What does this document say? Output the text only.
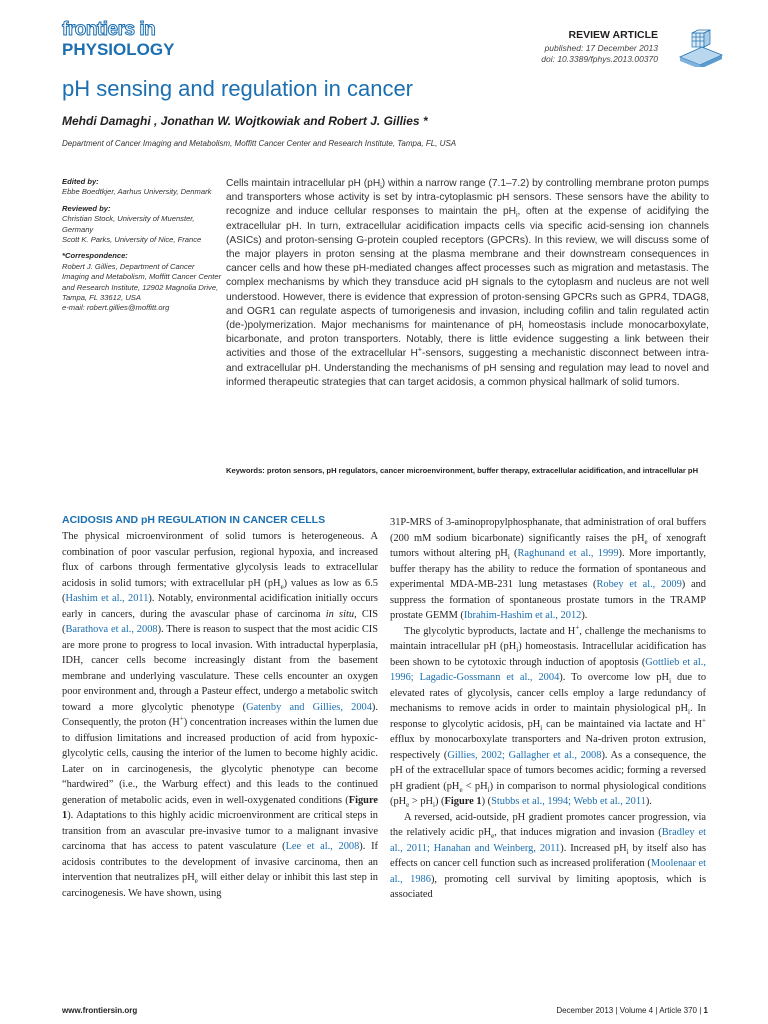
frontiers in
PHYSIOLOGY
REVIEW ARTICLE
published: 17 December 2013
doi: 10.3389/fphys.2013.00370
pH sensing and regulation in cancer
Mehdi Damaghi , Jonathan W. Wojtkowiak and Robert J. Gillies *
Department of Cancer Imaging and Metabolism, Moffitt Cancer Center and Research Institute, Tampa, FL, USA
Edited by:
Ebbe Boedtkjer, Aarhus University, Denmark
Reviewed by:
Christian Stock, University of Muenster, Germany
Scott K. Parks, University of Nice, France
*Correspondence:
Robert J. Gillies, Department of Cancer Imaging and Metabolism, Moffitt Cancer Center and Research Institute, 12902 Magnolia Drive, Tampa, FL 33612, USA
e-mail: robert.gillies@moffitt.org
Cells maintain intracellular pH $(pH_i)$ within a narrow range (7.1–7.2) by controlling membrane proton pumps and transporters whose activity is set by intra-cytoplasmic pH sensors. These sensors have the ability to recognize and induce cellular responses to maintain the $pH_i$, often at the expense of acidifying the extracellular pH. In turn, extracellular acidification impacts cells via specific acid-sensing ion channels (ASICs) and proton-sensing G-protein coupled receptors (GPCRs). In this review, we will discuss some of the major players in proton sensing at the plasma membrane and their downstream consequences in cancer cells and how these pH-mediated changes affect processes such as migration and metastasis. The complex mechanisms by which they transduce acid pH signals to the cytoplasm and nucleus are not well understood. However, there is evidence that expression of proton-sensing GPCRs such as GPR4, TDAG8, and OGR1 can regulate aspects of tumorigenesis and invasion, including cofilin and talin regulated actin (de-)polymerization. Major mechanisms for maintenance of $pH_i$ homeostasis include monocarboxylate, bicarbonate, and proton transporters. Notably, there is little evidence suggesting a link between their activities and those of the extracellular H+-sensors, suggesting a mechanistic disconnect between intra- and extracellular pH. Understanding the mechanisms of pH sensing and regulation may lead to novel and informed therapeutic strategies that can target acidosis, a common physical hallmark of solid tumors.
Keywords: proton sensors, pH regulators, cancer microenvironment, buffer therapy, extracellular acidification, and intracellular pH
ACIDOSIS AND pH REGULATION IN CANCER CELLS

The physical microenvironment of solid tumors is heterogeneous. A combination of poor vascular perfusion, regional hypoxia, and increased flux of carbons through fermentative glycolysis leads to extracellular acidosis in solid tumors; with extracellular pH $(pH_e)$ values as low as 6.5 (Hashim et al., 2011). Notably, environmental acidification initially occurs early in cancers, during the avascular phase of carcinoma in situ, CIS (Barathova et al., 2008). There is reason to suspect that the most acidic CIS are more prone to progress to local invasion. With intraductal hyperplasia, IDH, cancer cells become increasingly distant from the basement membrane and underlying vasculature. These cells encounter an oxygen poor environment and, through a Pasteur effect, undergo a metabolic switch toward a more glycolytic phenotype (Gatenby and Gillies, 2004). Consequently, the proton (H+) concentration increases within the lumen due to diffusion limitations and increased production of acid from hypoxic-glycolytic cells, causing the interior of the lumen to become highly acidic. Later on in carcinogenesis, the glycolytic phenotype can become “hardwired” (i.e., the Warburg effect) and this leads to the continued generation of metabolic acids, even in well-oxygenated conditions (Figure 1). Adaptations to this highly acidic microenvironment are critical steps in transition from an avascular pre-invasive tumor to a malignant invasive carcinoma that has access to patent vasculature (Lee et al., 2008). If acidosis contributes to the development of invasive carcinoma, then an intervention that neutralizes $pH_e$ will either delay or inhibit this last step in carcinogenesis. We have shown, using

31P-MRS of 3-aminopropylphosphanate, that administration of oral buffers (200 mM sodium bicarbonate) significantly raises the $pH_e$ of xenograft tumors without altering $pH_i$ (Raghunand et al., 1999). More importantly, buffer therapy has the ability to reduce the formation of spontaneous and experimental MDA-MB-231 lung metastases (Robey et al., 2009) and suppress the formation of spontaneous prostate tumors in the TRAMP prostate GEMM (Ibrahim-Hashim et al., 2012).

The glycolytic byproducts, lactate and H+, challenge the mechanisms to maintain intracellular pH $(pH_i)$ homeostasis. Intracellular acidification has been shown to be cytotoxic through induction of apoptosis (Gottlieb et al., 1996; Lagadic-Gossmann et al., 2004). To overcome low $pH_i$ due to elevated rates of glycolysis, cancer cells employ a large redundancy of mechanisms to remove acids in order to maintain physiological $pH_i$. In response to glycolytic acidosis, $pH_i$ can be maintained via lactate and H+ efflux by monocarboxylate transporters and Na-driven proton extrusion, respectively (Gillies, 2002; Gallagher et al., 2008). As a consequence, the pH of the extracellular space of tumors becomes acidic; forming a reversed pH gradient $(pH_e < pH_i)$ in comparison to normal physiological conditions $(pH_e > pH_i)$ (Figure 1) (Stubbs et al., 1994; Webb et al., 2011).

A reversed, acid-outside, pH gradient promotes cancer progression, via the relatively acidic $pH_e$, that induces migration and invasion (Bradley et al., 2011; Hanahan and Weinberg, 2011). Increased $pH_i$ by itself also has effects on cancer cell function such as increased proliferation (Moolenaar et al., 1986), promoting cell survival by limiting apoptosis, which is associated

www.frontiersin.org	December 2013 | Volume 4 | Article 370 | 1
